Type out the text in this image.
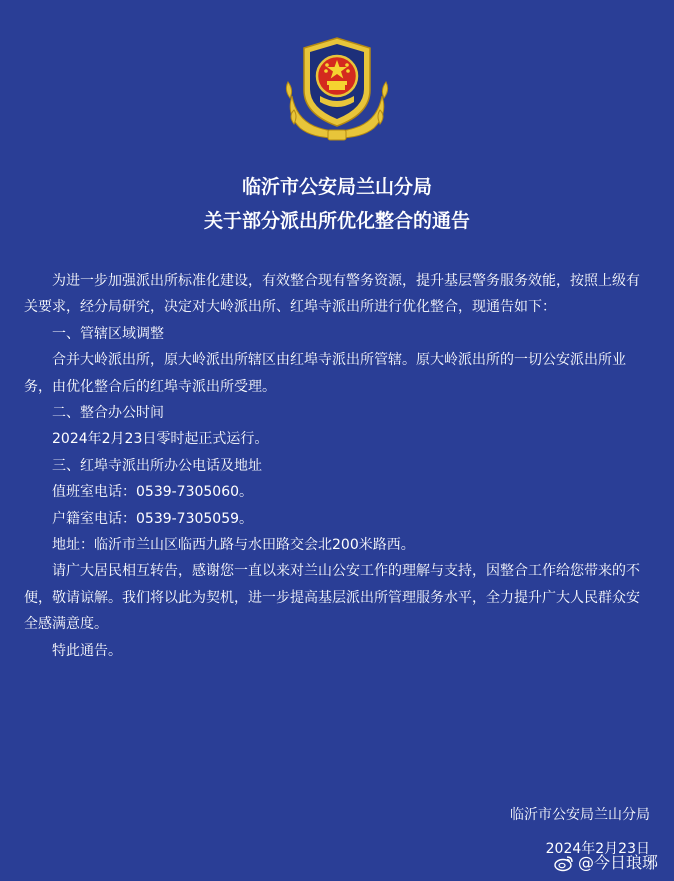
临沂市公安局兰山分局
关于部分派出所优化整合的通告

为进一步加强派出所标准化建设，有效整合现有警务资源，提升基层警务服务效能，按照上级有关要求，经分局研究，决定对大岭派出所、红埠寺派出所进行优化整合，现通告如下：

一、管辖区域调整

合并大岭派出所，原大岭派出所辖区由红埠寺派出所管辖。原大岭派出所的一切公安派出所业务，由优化整合后的红埠寺派出所受理。

二、整合办公时间

2024年2月23日零时起正式运行。

三、红埠寺派出所办公电话及地址

值班室电话：0539-7305060。

户籍室电话：0539-7305059。

地址：临沂市兰山区临西九路与水田路交会北200米路西。

请广大居民相互转告，感谢您一直以来对兰山公安工作的理解与支持，因整合工作给您带来的不便，敬请谅解。我们将以此为契机，进一步提高基层派出所管理服务水平，全力提升广大人民群众安全感满意度。

特此通告。

临沂市公安局兰山分局
2024年2月23日
@今日琅琊
